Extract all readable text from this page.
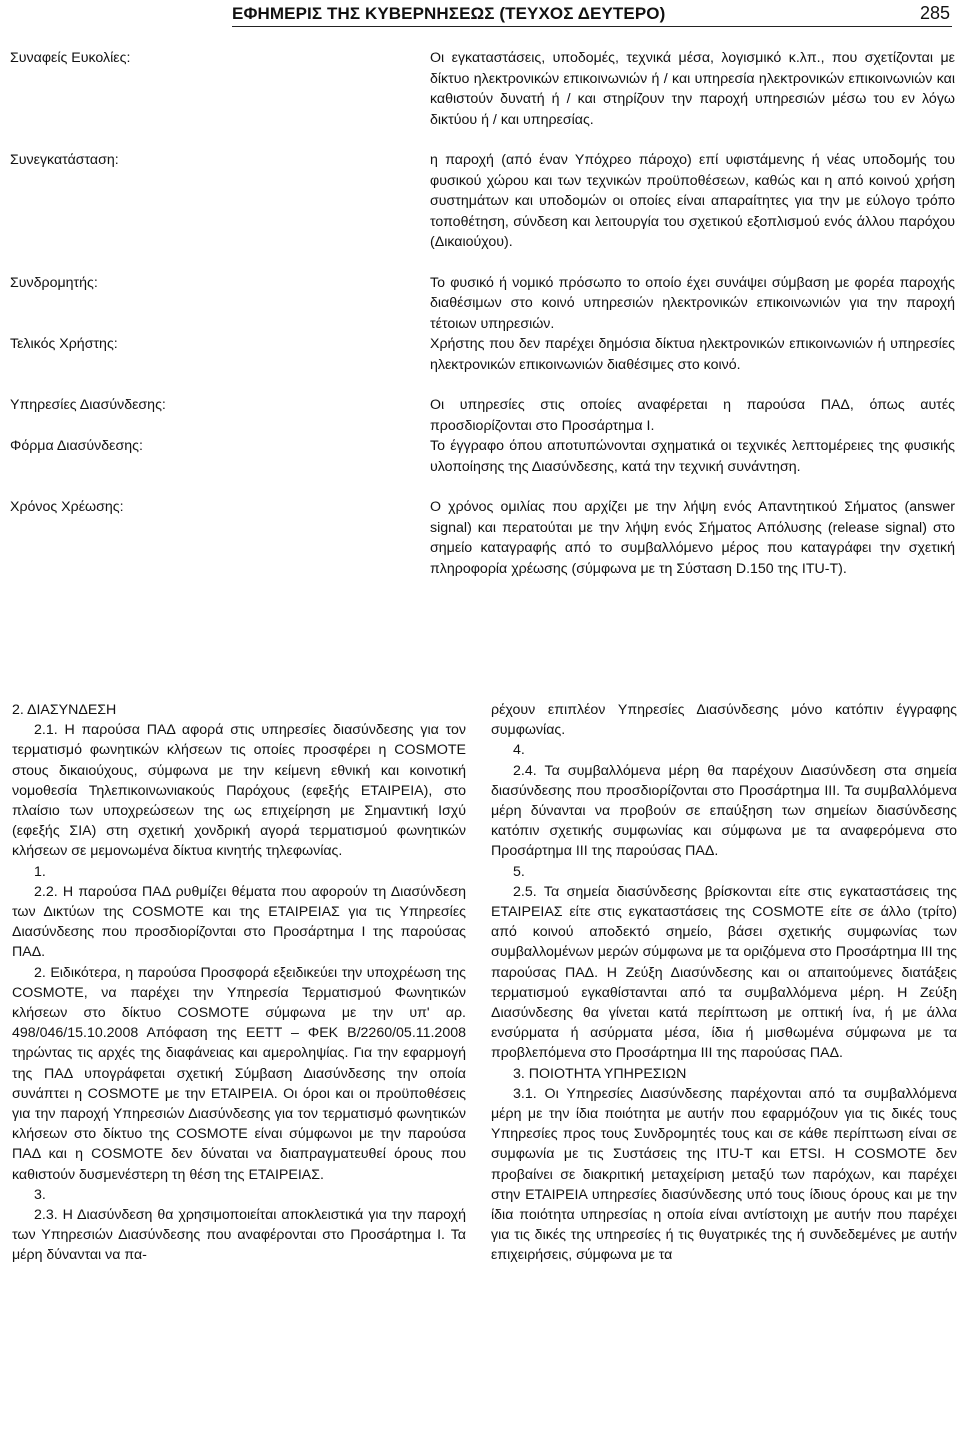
ΕΦΗΜΕΡΙΣ ΤΗΣ ΚΥΒΕΡΝΗΣΕΩΣ (ΤΕΥΧΟΣ ΔΕΥΤΕΡΟ)	285
Συναφείς Ευκολίες:	Οι εγκαταστάσεις, υποδομές, τεχνικά μέσα, λογισμικό κ.λπ., που σχετίζονται με δίκτυο ηλεκτρονικών επικοινωνιών ή / και υπηρεσία ηλεκτρονικών επικοινωνιών και καθιστούν δυνατή ή / και στηρίζουν την παροχή υπηρεσιών μέσω του εν λόγω δικτύου ή / και υπηρεσίας.
Συνεγκατάσταση:	η παροχή (από έναν Υπόχρεο πάροχο) επί υφιστάμενης ή νέας υποδομής του φυσικού χώρου και των τεχνικών προϋποθέσεων, καθώς και η από κοινού χρήση συστημάτων και υποδομών οι οποίες είναι απαραίτητες για την με εύλογο τρόπο τοποθέτηση, σύνδεση και λειτουργία του σχετικού εξοπλισμού ενός άλλου παρόχου (Δικαιούχου).
Συνδρομητής:	Το φυσικό ή νομικό πρόσωπο το οποίο έχει συνάψει σύμβαση με φορέα παροχής διαθέσιμων στο κοινό υπηρεσιών ηλεκτρονικών επικοινωνιών για την παροχή τέτοιων υπηρεσιών.
Τελικός Χρήστης:	Χρήστης που δεν παρέχει δημόσια δίκτυα ηλεκτρονικών επικοινωνιών ή υπηρεσίες ηλεκτρονικών επικοινωνιών διαθέσιμες στο κοινό.
Υπηρεσίες Διασύνδεσης:	Οι υπηρεσίες στις οποίες αναφέρεται η παρούσα ΠΑΔ, όπως αυτές προσδιορίζονται στο Προσάρτημα Ι.
Φόρμα Διασύνδεσης:	Το έγγραφο όπου αποτυπώνονται σχηματικά οι τεχνικές λεπτομέρειες της φυσικής υλοποίησης της Διασύνδεσης, κατά την τεχνική συνάντηση.
Χρόνος Χρέωσης:	Ο χρόνος ομιλίας που αρχίζει με την λήψη ενός Απαντητικού Σήματος (answer signal) και περατούται με την λήψη ενός Σήματος Απόλυσης (release signal) στο σημείο καταγραφής από το συμβαλλόμενο μέρος που καταγράφει την σχετική πληροφορία χρέωσης (σύμφωνα με τη Σύσταση D.150 της ITU-T).

2. ΔΙΑΣΥΝΔΕΣΗ

2.1. Η παρούσα ΠΑΔ αφορά στις υπηρεσίες διασύνδεσης για τον τερματισμό φωνητικών κλήσεων τις οποίες προσφέρει η COSMOTE στους δικαιούχους, σύμφωνα με την κείμενη εθνική και κοινοτική νομοθεσία Τηλεπικοινωνιακούς Παρόχους (εφεξής ΕΤΑΙΡΕΙΑ), στο πλαίσιο των υποχρεώσεων της ως επιχείρηση με Σημαντική Ισχύ (εφεξής ΣΙΑ) στη σχετική χονδρική αγορά τερματισμού φωνητικών κλήσεων σε μεμονωμένα δίκτυα κινητής τηλεφωνίας.

1.

2.2. Η παρούσα ΠΑΔ ρυθμίζει θέματα που αφορούν τη Διασύνδεση των Δικτύων της COSMOTE και της ΕΤΑΙΡΕΙΑΣ για τις Υπηρεσίες Διασύνδεσης που προσδιορίζονται στο Προσάρτημα Ι της παρούσας ΠΑΔ.

2. Ειδικότερα, η παρούσα Προσφορά εξειδικεύει την υποχρέωση της COSMOTE, να παρέχει την Υπηρεσία Τερματισμού Φωνητικών κλήσεων στο δίκτυο COSMOTE σύμφωνα με την υπ' αρ. 498/046/15.10.2008 Απόφαση της ΕΕΤΤ – ΦΕΚ Β/2260/05.11.2008 τηρώντας τις αρχές της διαφάνειας και αμεροληψίας. Για την εφαρμογή της ΠΑΔ υπογράφεται σχετική Σύμβαση Διασύνδεσης την οποία συνάπτει η COSMOTE με την ΕΤΑΙΡΕΙΑ. Οι όροι και οι προϋποθέσεις για την παροχή Υπηρεσιών Διασύνδεσης για τον τερματισμό φωνητικών κλήσεων στο δίκτυο της COSMOTE είναι σύμφωνοι με την παρούσα ΠΑΔ και η COSMOTE δεν δύναται να διαπραγματευθεί όρους που καθιστούν δυσμενέστερη τη θέση της ΕΤΑΙΡΕΙΑΣ.

3.

2.3. Η Διασύνδεση θα χρησιμοποιείται αποκλειστικά για την παροχή των Υπηρεσιών Διασύνδεσης που αναφέρονται στο Προσάρτημα Ι. Τα μέρη δύνανται να πα-

ρέχουν επιπλέον Υπηρεσίες Διασύνδεσης μόνο κατόπιν έγγραφης συμφωνίας.

4.

2.4. Τα συμβαλλόμενα μέρη θα παρέχουν Διασύνδεση στα σημεία διασύνδεσης που προσδιορίζονται στο Προσάρτημα ΙΙΙ. Τα συμβαλλόμενα μέρη δύνανται να προβούν σε επαύξηση των σημείων διασύνδεσης κατόπιν σχετικής συμφωνίας και σύμφωνα με τα αναφερόμενα στο Προσάρτημα ΙΙΙ της παρούσας ΠΑΔ.

5.

2.5. Τα σημεία διασύνδεσης βρίσκονται είτε στις εγκαταστάσεις της ΕΤΑΙΡΕΙΑΣ είτε στις εγκαταστάσεις της COSMOTE είτε σε άλλο (τρίτο) από κοινού αποδεκτό σημείο, βάσει σχετικής συμφωνίας των συμβαλλομένων μερών σύμφωνα με τα οριζόμενα στο Προσάρτημα ΙΙΙ της παρούσας ΠΑΔ. Η Ζεύξη Διασύνδεσης και οι απαιτούμενες διατάξεις τερματισμού εγκαθίστανται από τα συμβαλλόμενα μέρη. Η Ζεύξη Διασύνδεσης θα γίνεται κατά περίπτωση με οπτική ίνα, ή με άλλα ενσύρματα ή ασύρματα μέσα, ίδια ή μισθωμένα σύμφωνα με τα προβλεπόμενα στο Προσάρτημα ΙΙΙ της παρούσας ΠΑΔ.

3. ΠΟΙΟΤΗΤΑ ΥΠΗΡΕΣΙΩΝ

3.1. Οι Υπηρεσίες Διασύνδεσης παρέχονται από τα συμβαλλόμενα μέρη με την ίδια ποιότητα με αυτήν που εφαρμόζουν για τις δικές τους Υπηρεσίες προς τους Συνδρομητές τους και σε κάθε περίπτωση είναι σε συμφωνία με τις Συστάσεις της ITU-T και ETSI. Η COSMOTE δεν προβαίνει σε διακριτική μεταχείριση μεταξύ των παρόχων, και παρέχει στην ΕΤΑΙΡΕΙΑ υπηρεσίες διασύνδεσης υπό τους ίδιους όρους και με την ίδια ποιότητα υπηρεσίας η οποία είναι αντίστοιχη με αυτήν που παρέχει για τις δικές της υπηρεσίες ή τις θυγατρικές της ή συνδεδεμένες με αυτήν επιχειρήσεις, σύμφωνα με τα
